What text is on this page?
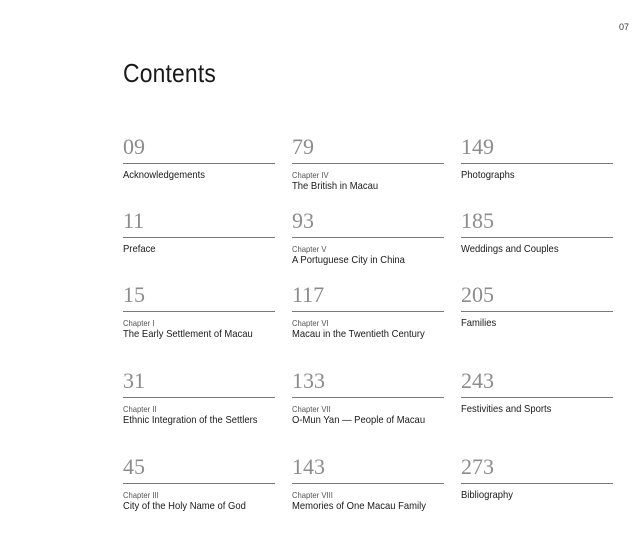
07
Contents
09
Acknowledgements
79
Chapter IV
The British in Macau
149
Photographs
11
Preface
93
Chapter V
A Portuguese City in China
185
Weddings and Couples
15
Chapter I
The Early Settlement of Macau
117
Chapter VI
Macau in the Twentieth Century
205
Families
31
Chapter II
Ethnic Integration of the Settlers
133
Chapter VII
O-Mun Yan — People of Macau
243
Festivities and Sports
45
Chapter III
City of the Holy Name of God
143
Chapter VIII
Memories of One Macau Family
273
Bibliography
